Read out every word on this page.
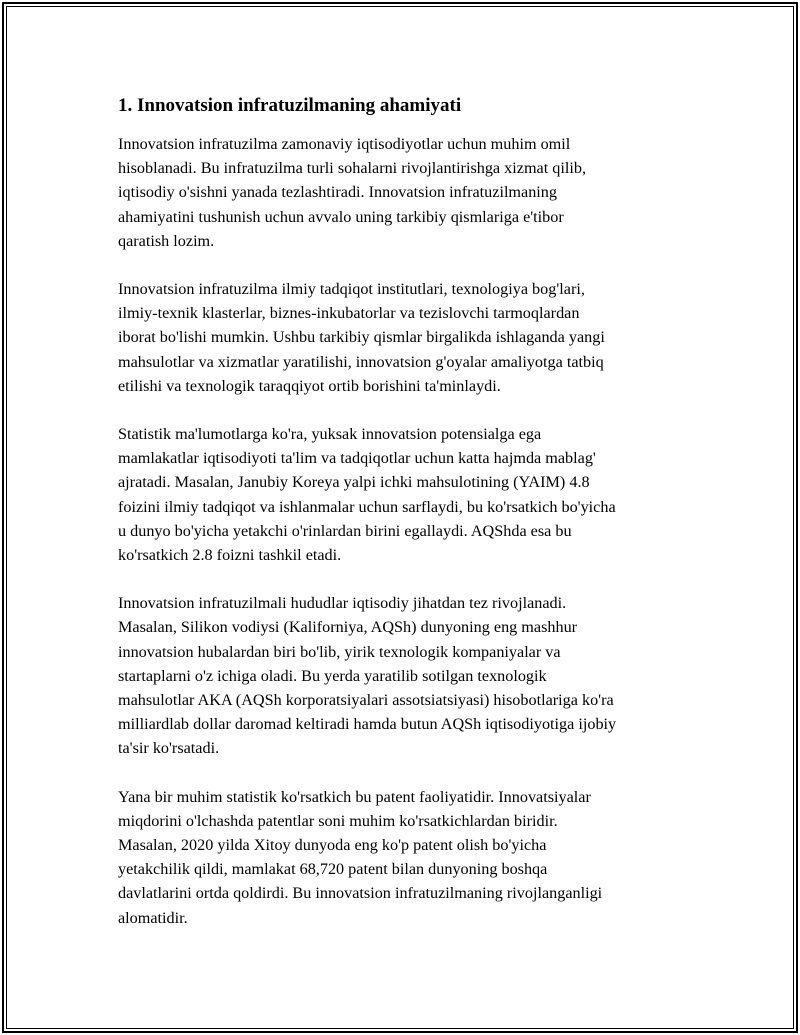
1. Innovatsion infratuzilmaning ahamiyati

Innovatsion infratuzilma zamonaviy iqtisodiyotlar uchun muhim omil
hisoblanadi. Bu infratuzilma turli sohalarni rivojlantirishga xizmat qilib,
iqtisodiy o'sishni yanada tezlashtiradi. Innovatsion infratuzilmaning
ahamiyatini tushunish uchun avvalo uning tarkibiy qismlariga e'tibor
qaratish lozim.

Innovatsion infratuzilma ilmiy tadqiqot institutlari, texnologiya bog'lari,
ilmiy-texnik klasterlar, biznes-inkubatorlar va tezislovchi tarmoqlardan
iborat bo'lishi mumkin. Ushbu tarkibiy qismlar birgalikda ishlaganda yangi
mahsulotlar va xizmatlar yaratilishi, innovatsion g'oyalar amaliyotga tatbiq
etilishi va texnologik taraqqiyot ortib borishini ta'minlaydi.

Statistik ma'lumotlarga ko'ra, yuksak innovatsion potensialga ega
mamlakatlar iqtisodiyoti ta'lim va tadqiqotlar uchun katta hajmda mablag'
ajratadi. Masalan, Janubiy Koreya yalpi ichki mahsulotining (YAIM) 4.8
foizini ilmiy tadqiqot va ishlanmalar uchun sarflaydi, bu ko'rsatkich bo'yicha
u dunyo bo'yicha yetakchi o'rinlardan birini egallaydi. AQShda esa bu
ko'rsatkich 2.8 foizni tashkil etadi.

Innovatsion infratuzilmali hududlar iqtisodiy jihatdan tez rivojlanadi.
Masalan, Silikon vodiysi (Kaliforniya, AQSh) dunyoning eng mashhur
innovatsion hubalardan biri bo'lib, yirik texnologik kompaniyalar va
startaplarni o'z ichiga oladi. Bu yerda yaratilib sotilgan texnologik
mahsulotlar AKA (AQSh korporatsiyalari assotsiatsiyasi) hisobotlariga ko'ra
milliardlab dollar daromad keltiradi hamda butun AQSh iqtisodiyotiga ijobiy
ta'sir ko'rsatadi.

Yana bir muhim statistik ko'rsatkich bu patent faoliyatidir. Innovatsiyalar
miqdorini o'lchashda patentlar soni muhim ko'rsatkichlardan biridir.
Masalan, 2020 yilda Xitoy dunyoda eng ko'p patent olish bo'yicha
yetakchilik qildi, mamlakat 68,720 patent bilan dunyoning boshqa
davlatlarini ortda qoldirdi. Bu innovatsion infratuzilmaning rivojlanganligi
alomatidir.
